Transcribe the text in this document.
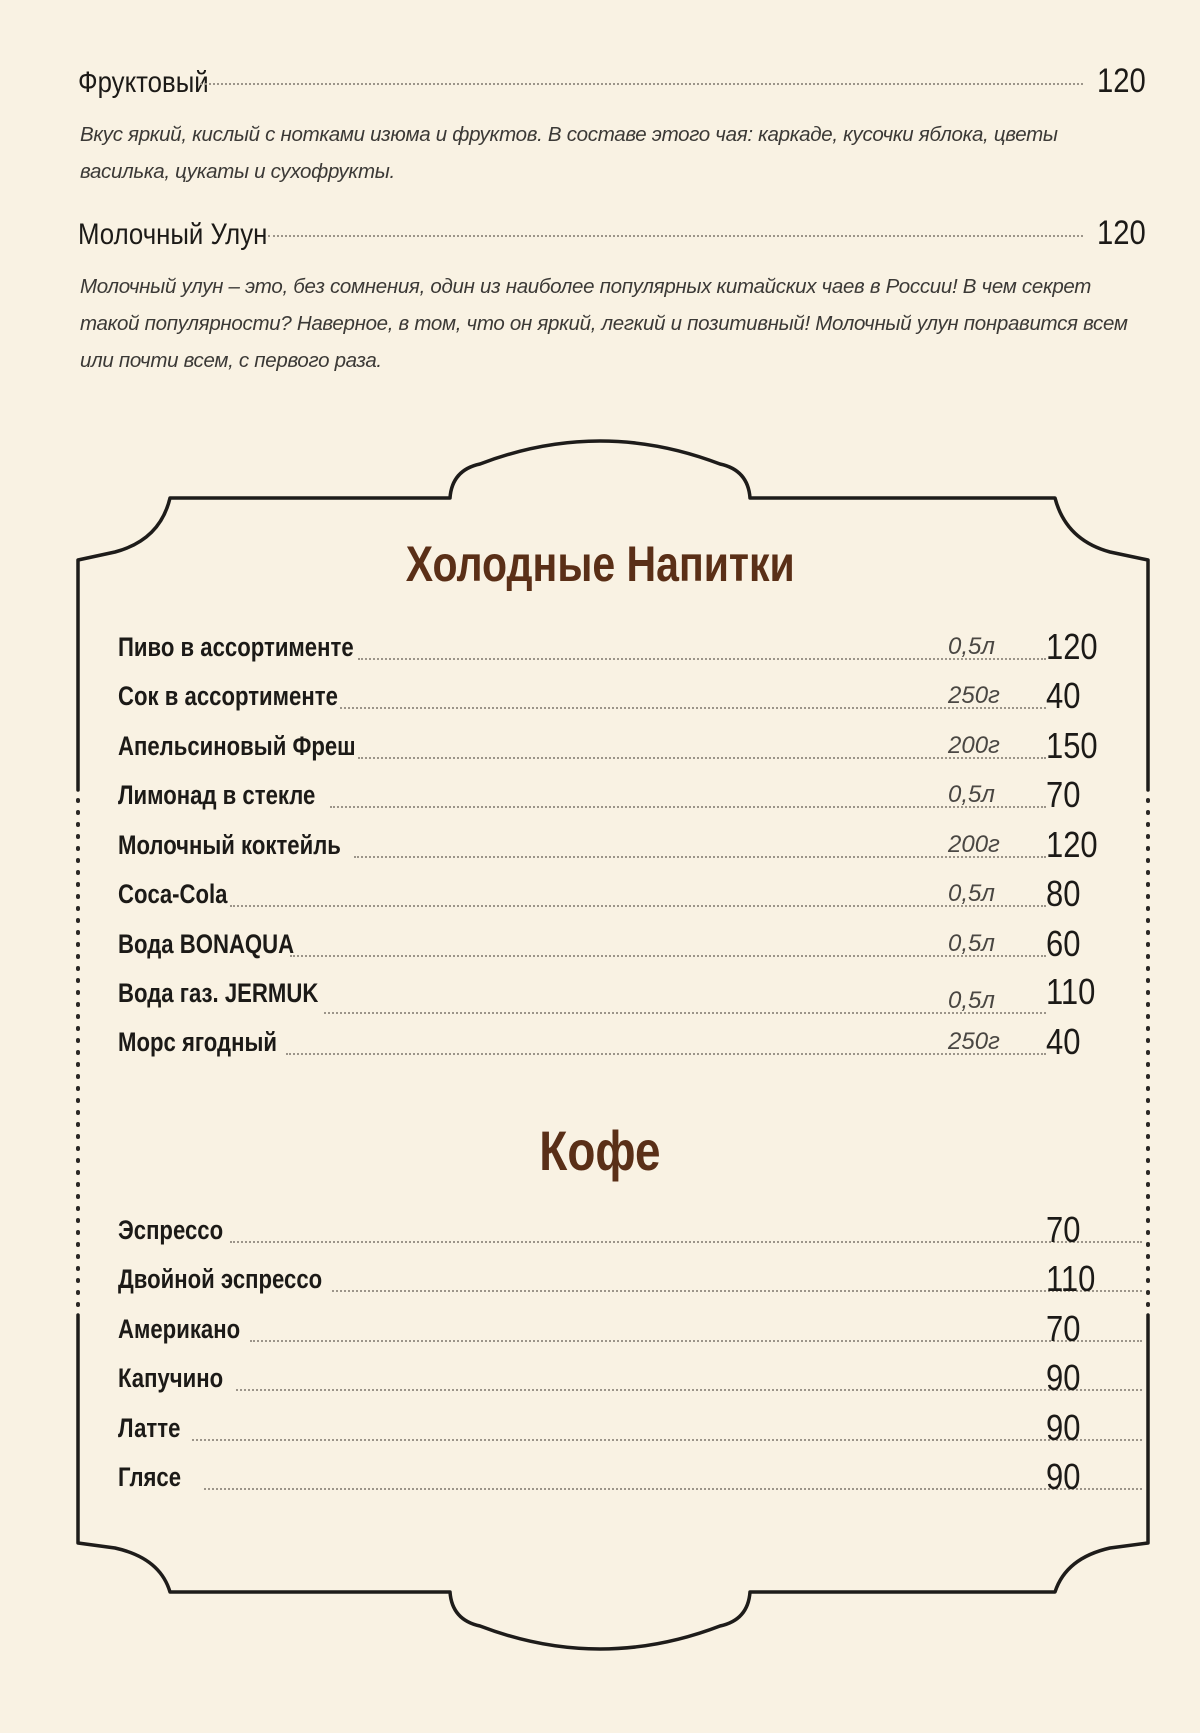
Фруктовый	120

Вкус яркий, кислый с нотками изюма и фруктов. В составе этого чая: каркаде, кусочки яблока, цветы василька, цукаты и сухофрукты.

Молочный Улун	120

Молочный улун – это, без сомнения, один из наиболее популярных китайских чаев в России! В чем секрет такой популярности? Наверное, в том, что он яркий, легкий и позитивный! Молочный улун понравится всем или почти всем, с первого раза.

Холодные Напитки
Пиво в ассортименте	0,5л 120
Сок в ассортименте	250г 40
Апельсиновый Фреш	200г 150
Лимонад в стекле	0,5л 70
Молочный коктейль	200г 120
Coca-Cola	0,5л 80
Вода BONAQUA	0,5л 60
Вода газ. JERMUK	0,5л 110
Морс ягодный	250г 40
Кофе
Эспрессо	70
Двойной эспрессо	110
Американо	70
Капучино	90
Латте	90
Глясе	90
